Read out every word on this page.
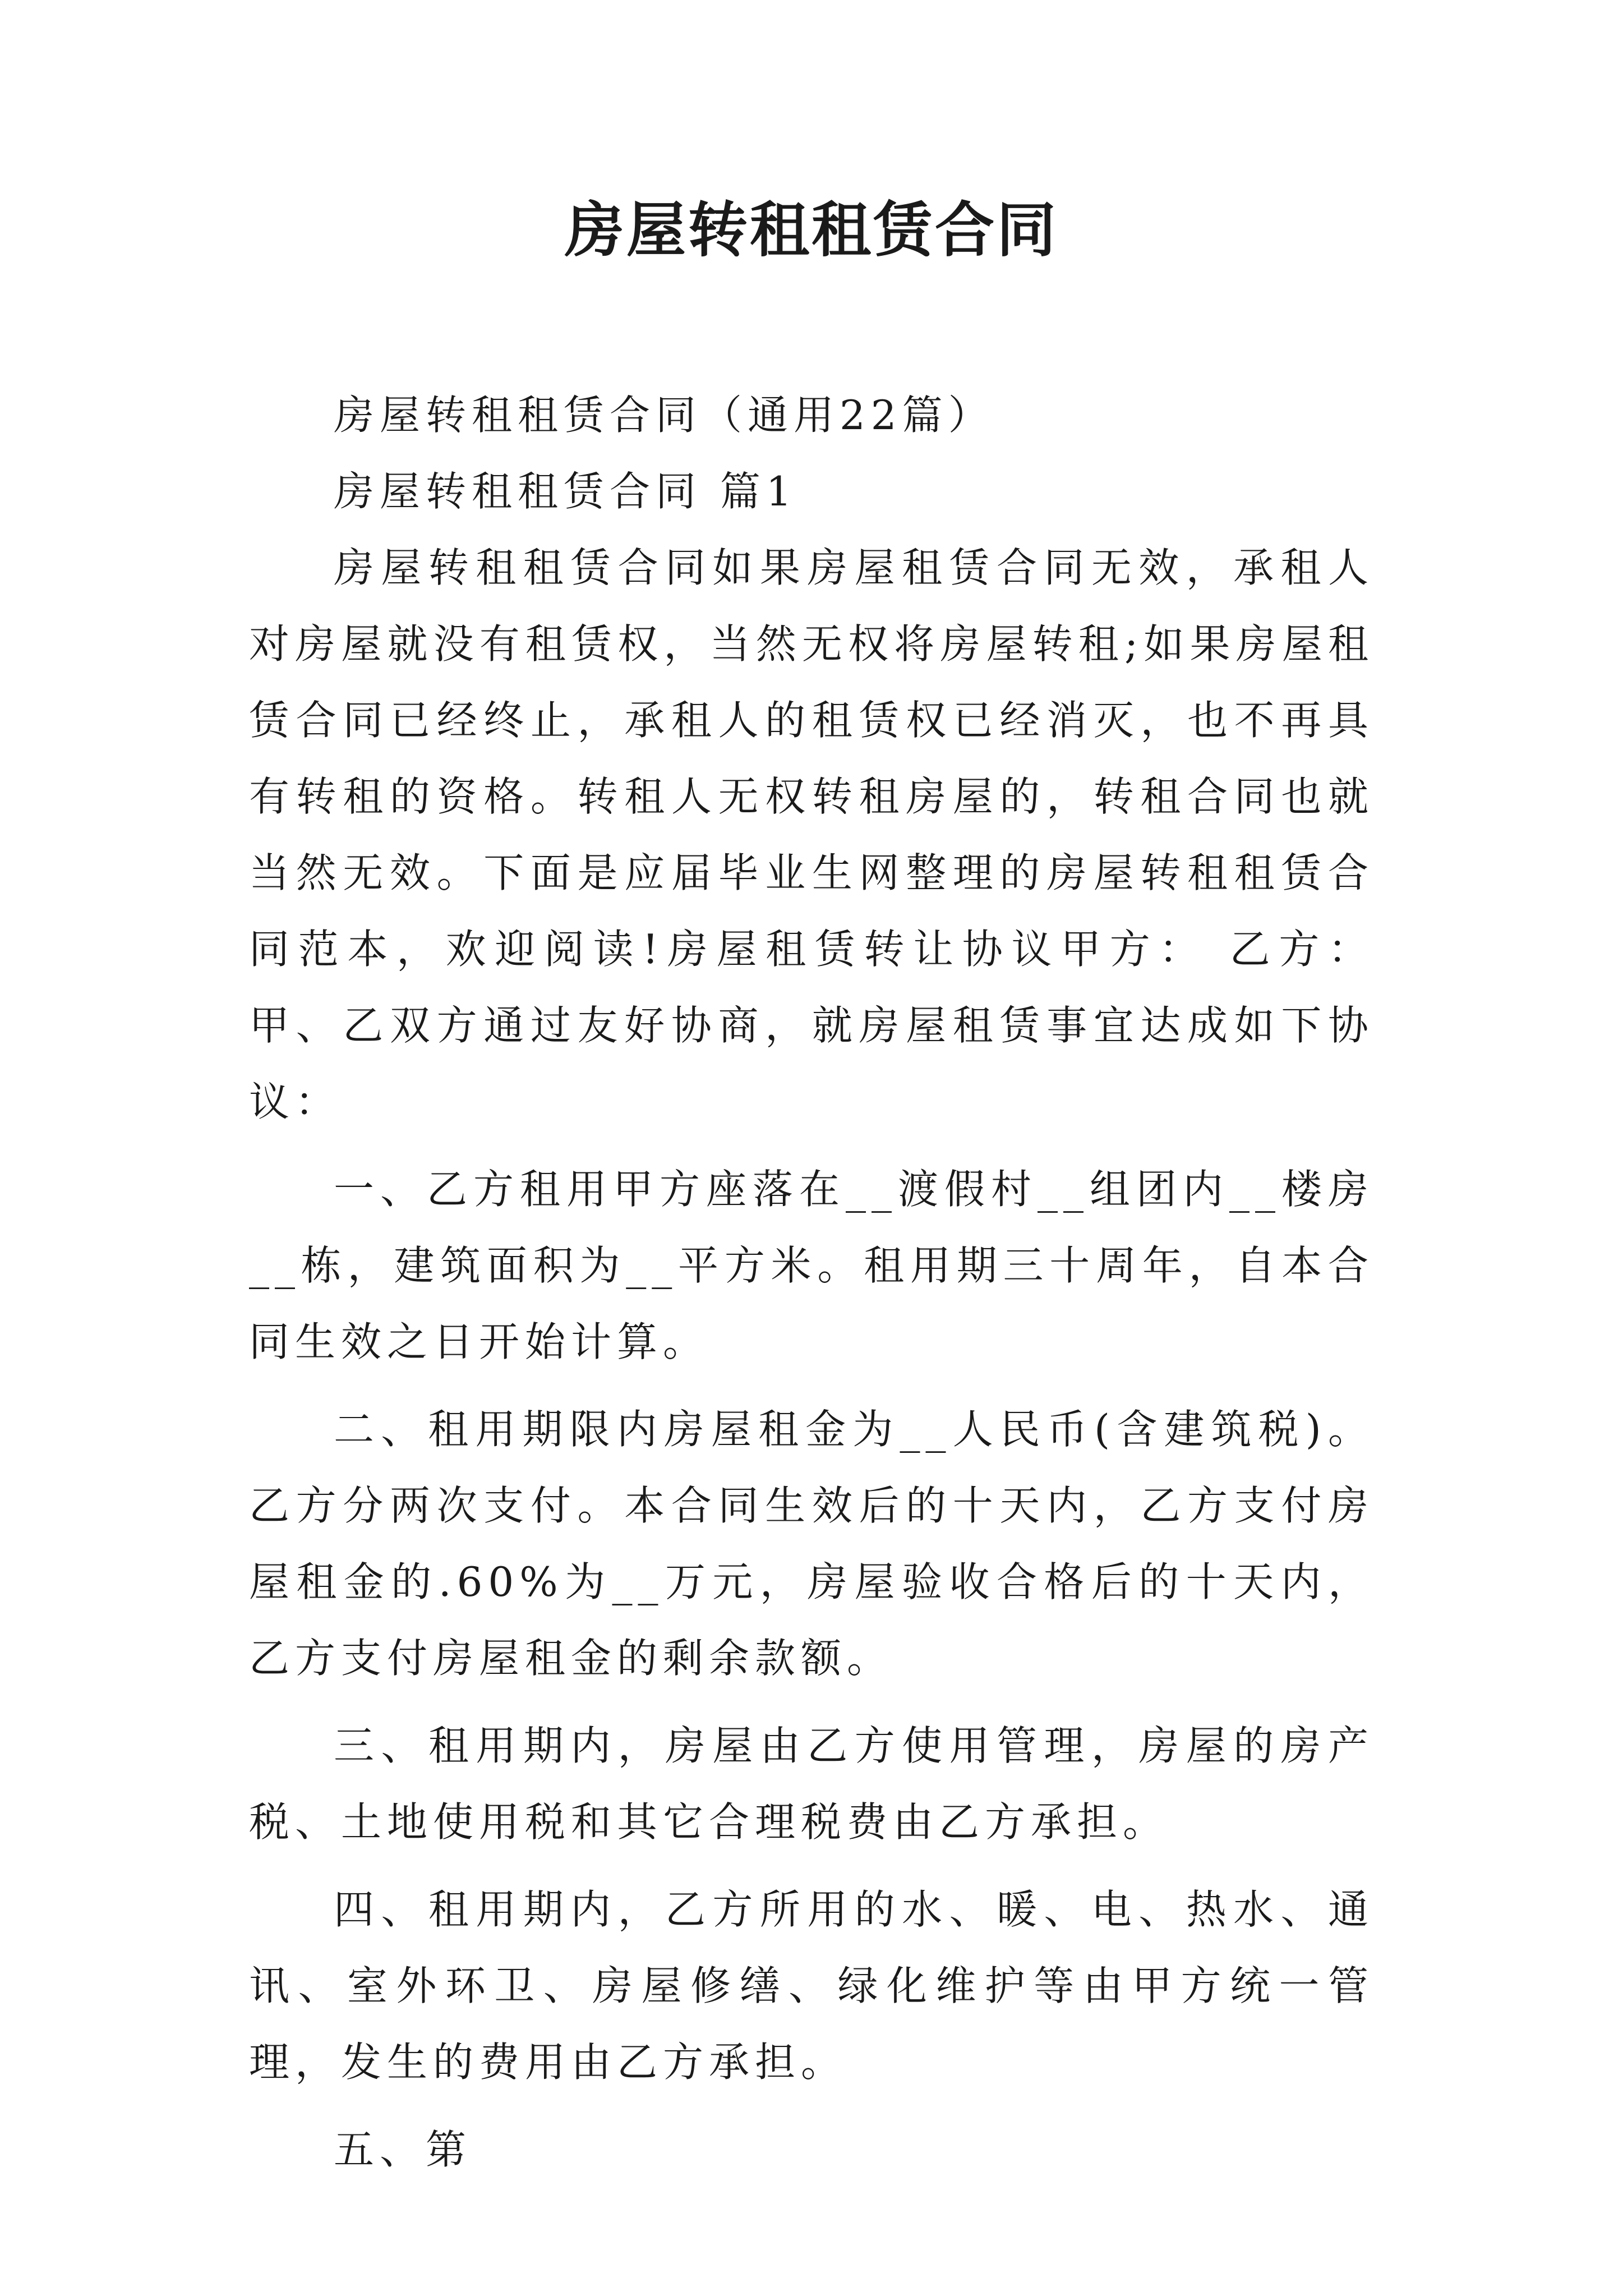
房屋转租租赁合同

房屋转租租赁合同（通用22篇）

房屋转租租赁合同 篇1

房屋转租租赁合同如果房屋租赁合同无效，承租人对房屋就没有租赁权，当然无权将房屋转租;如果房屋租赁合同已经终止，承租人的租赁权已经消灭，也不再具有转租的资格。转租人无权转租房屋的，转租合同也就当然无效。下面是应届毕业生网整理的房屋转租租赁合同范本，欢迎阅读!房屋租赁转让协议甲方： 乙方：甲、乙双方通过友好协商，就房屋租赁事宜达成如下协议：

一、乙方租用甲方座落在__渡假村__组团内__楼房__栋，建筑面积为__平方米。租用期三十周年，自本合同生效之日开始计算。

二、租用期限内房屋租金为__人民币(含建筑税)。乙方分两次支付。本合同生效后的十天内，乙方支付房屋租金的.60%为__万元，房屋验收合格后的十天内，乙方支付房屋租金的剩余款额。

三、租用期内，房屋由乙方使用管理，房屋的房产税、土地使用税和其它合理税费由乙方承担。

四、租用期内，乙方所用的水、暖、电、热水、通讯、室外环卫、房屋修缮、绿化维护等由甲方统一管理，发生的费用由乙方承担。

五、第
